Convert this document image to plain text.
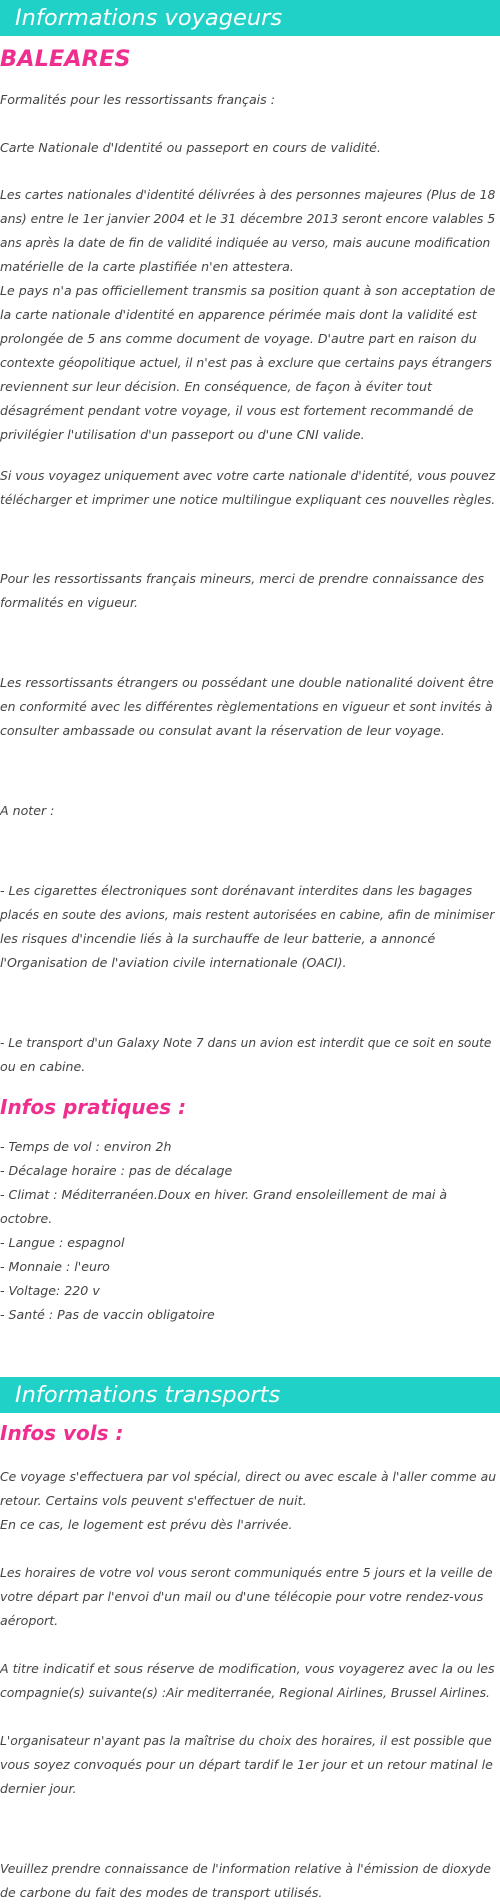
Informations voyageurs
BALEARES
Formalités pour les ressortissants français :
Carte Nationale d'Identité ou passeport en cours de validité.
Les cartes nationales d'identité délivrées à des personnes majeures (Plus de 18
ans) entre le 1er janvier 2004 et le 31 décembre 2013 seront encore valables 5
ans après la date de fin de validité indiquée au verso, mais aucune modification
matérielle de la carte plastifiée n'en attestera.
Le pays n'a pas officiellement transmis sa position quant à son acceptation de
la carte nationale d'identité en apparence périmée mais dont la validité est
prolongée de 5 ans comme document de voyage. D'autre part en raison du
contexte géopolitique actuel, il n'est pas à exclure que certains pays étrangers
reviennent sur leur décision. En conséquence, de façon à éviter tout
désagrément pendant votre voyage, il vous est fortement recommandé de
privilégier l'utilisation d'un passeport ou d'une CNI valide.
Si vous voyagez uniquement avec votre carte nationale d'identité, vous pouvez
télécharger et imprimer une notice multilingue expliquant ces nouvelles règles.
Pour les ressortissants français mineurs, merci de prendre connaissance des
formalités en vigueur.
Les ressortissants étrangers ou possédant une double nationalité doivent être
en conformité avec les différentes règlementations en vigueur et sont invités à
consulter ambassade ou consulat avant la réservation de leur voyage.
A noter :
- Les cigarettes électroniques sont dorénavant interdites dans les bagages
placés en soute des avions, mais restent autorisées en cabine, afin de minimiser
les risques d'incendie liés à la surchauffe de leur batterie, a annoncé
l'Organisation de l'aviation civile internationale (OACI).
- Le transport d'un Galaxy Note 7 dans un avion est interdit que ce soit en soute
ou en cabine.
Infos pratiques :
- Temps de vol : environ 2h
- Décalage horaire : pas de décalage
- Climat : Méditerranéen.Doux en hiver. Grand ensoleillement de mai à
octobre.
- Langue : espagnol
- Monnaie : l'euro
- Voltage: 220 v
- Santé : Pas de vaccin obligatoire
Informations transports
Infos vols :
Ce voyage s'effectuera par vol spécial, direct ou avec escale à l'aller comme au
retour. Certains vols peuvent s'effectuer de nuit.
En ce cas, le logement est prévu dès l'arrivée.
Les horaires de votre vol vous seront communiqués entre 5 jours et la veille de
votre départ par l'envoi d'un mail ou d'une télécopie pour votre rendez-vous
aéroport.
A titre indicatif et sous réserve de modification, vous voyagerez avec la ou les
compagnie(s) suivante(s) :Air mediterranée, Regional Airlines, Brussel Airlines.
L'organisateur n'ayant pas la maîtrise du choix des horaires, il est possible que
vous soyez convoqués pour un départ tardif le 1er jour et un retour matinal le
dernier jour.
Veuillez prendre connaissance de l'information relative à l'émission de dioxyde
de carbone du fait des modes de transport utilisés.
